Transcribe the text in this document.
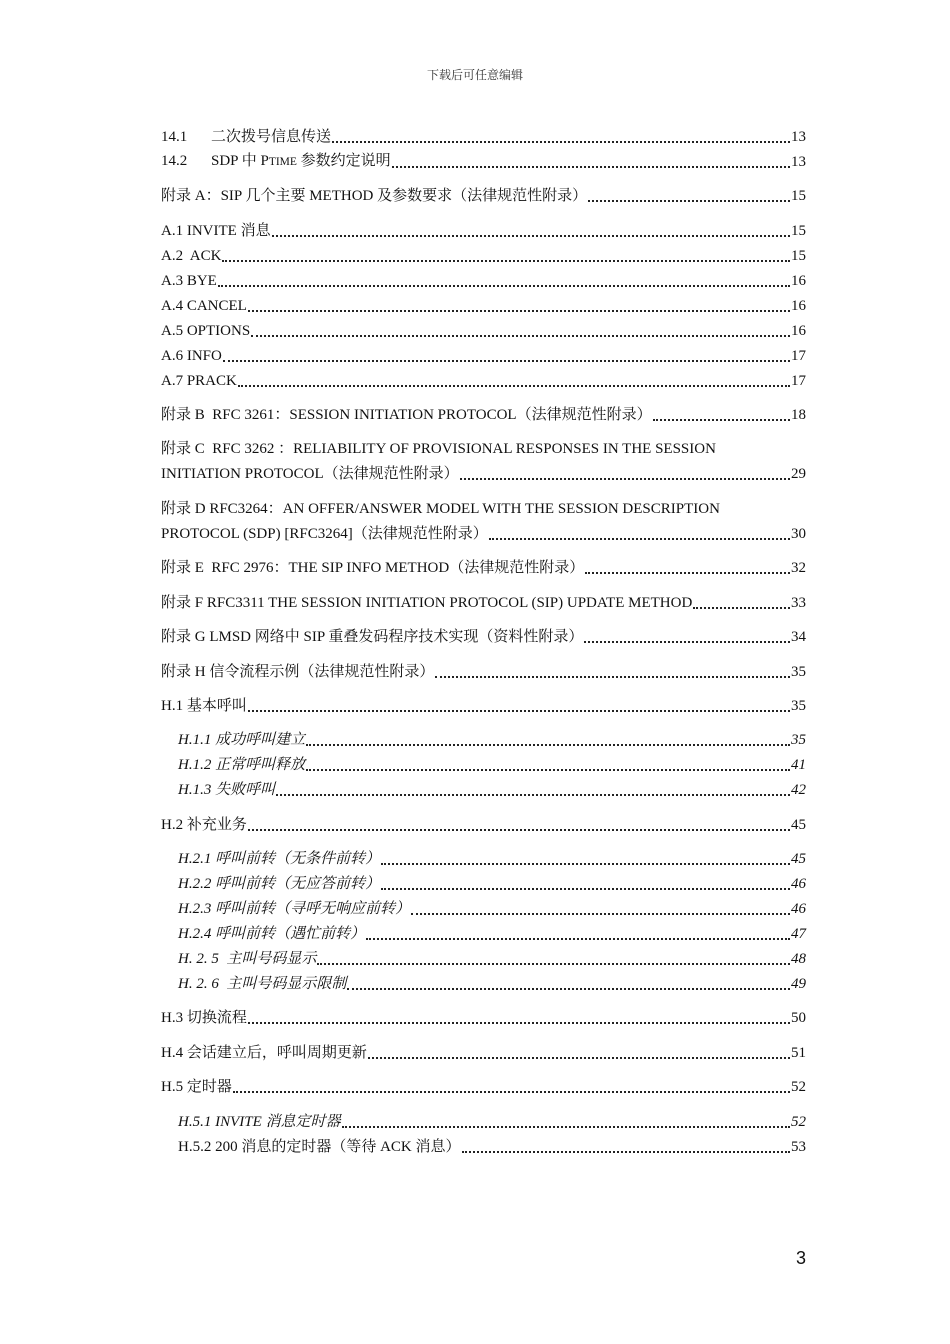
下载后可任意编辑
14.1 二次拨号信息传送	13
14.2 SDP 中 PTIME 参数约定说明	13
附录 A：SIP 几个主要 METHOD 及参数要求（法律规范性附录）	15
A.1 INVITE 消息	15
A.2  ACK	15
A.3 BYE	16
A.4 CANCEL	16
A.5 OPTIONS	16
A.6 INFO	17
A.7 PRACK	17
附录 B  RFC 3261：SESSION INITIATION PROTOCOL（法律规范性附录）	18
附录 C  RFC 3262 ：RELIABILITY OF PROVISIONAL RESPONSES IN THE SESSION
INITIATION PROTOCOL（法律规范性附录）	29
附录 D RFC3264：AN OFFER/ANSWER MODEL WITH THE SESSION DESCRIPTION
PROTOCOL (SDP) [RFC3264]（法律规范性附录）	30
附录 E  RFC 2976：THE SIP INFO METHOD（法律规范性附录）	32
附录 F RFC3311 THE SESSION INITIATION PROTOCOL (SIP) UPDATE METHOD	33
附录 G LMSD 网络中 SIP 重叠发码程序技术实现（资料性附录）	34
附录 H 信令流程示例（法律规范性附录）	35
H.1 基本呼叫	35
H.1.1 成功呼叫建立	35
H.1.2 正常呼叫释放	41
H.1.3 失败呼叫	42
H.2 补充业务	45
H.2.1 呼叫前转（无条件前转）	45
H.2.2 呼叫前转（无应答前转）	46
H.2.3 呼叫前转（寻呼无响应前转）	46
H.2.4 呼叫前转（遇忙前转）	47
H. 2. 5  主叫号码显示	48
H. 2. 6  主叫号码显示限制	49
H.3 切换流程	50
H.4 会话建立后，呼叫周期更新	51
H.5 定时器	52
H.5.1 INVITE 消息定时器	52
H.5.2 200 消息的定时器（等待 ACK 消息）	53
3
